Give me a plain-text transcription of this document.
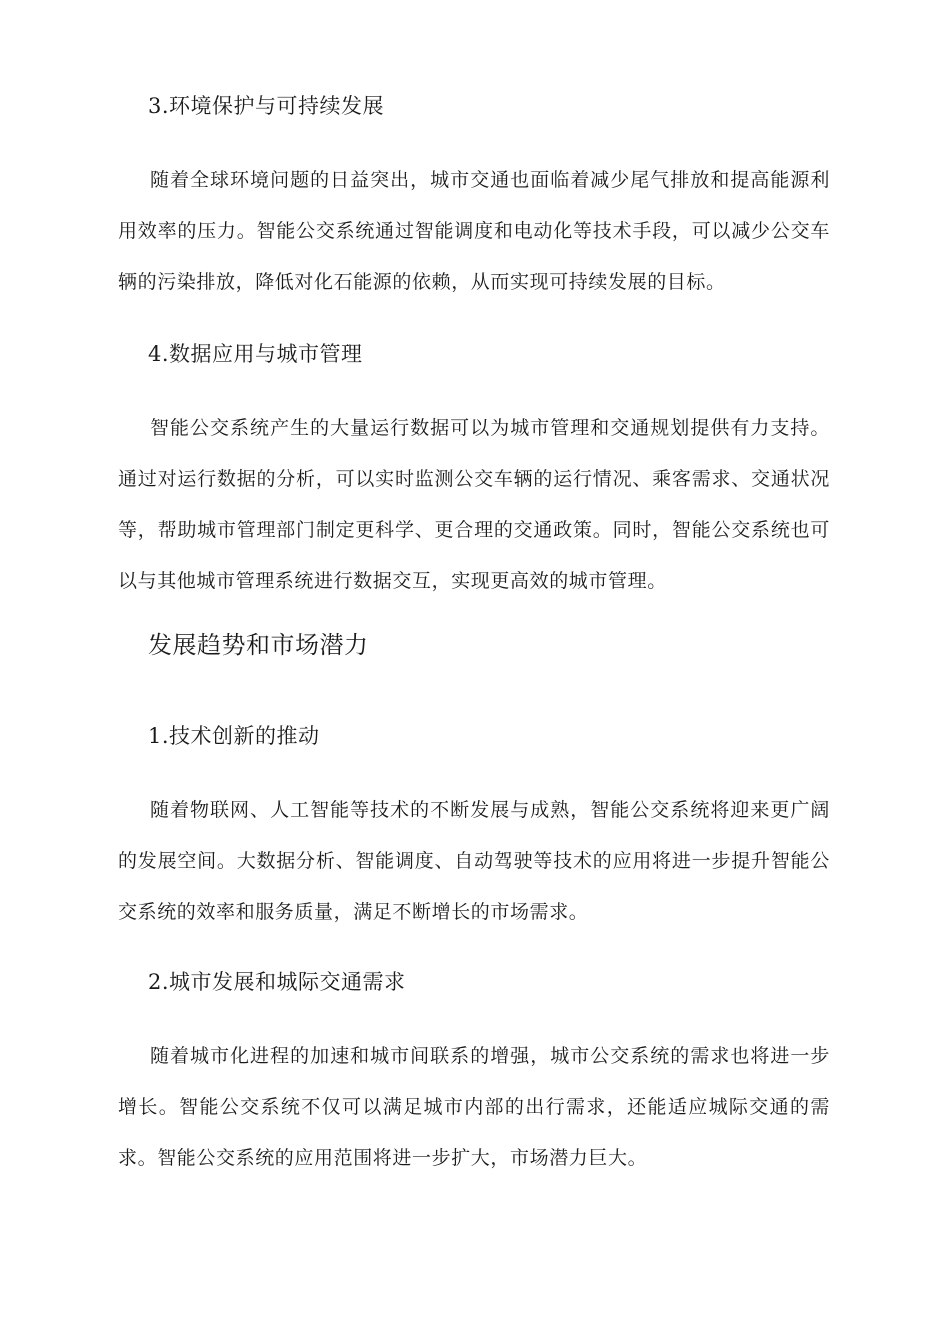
3.环境保护与可持续发展
随着全球环境问题的日益突出，城市交通也面临着减少尾气排放和提高能源利用效率的压力。智能公交系统通过智能调度和电动化等技术手段，可以减少公交车辆的污染排放，降低对化石能源的依赖，从而实现可持续发展的目标。
4.数据应用与城市管理
智能公交系统产生的大量运行数据可以为城市管理和交通规划提供有力支持。通过对运行数据的分析，可以实时监测公交车辆的运行情况、乘客需求、交通状况等，帮助城市管理部门制定更科学、更合理的交通政策。同时，智能公交系统也可以与其他城市管理系统进行数据交互，实现更高效的城市管理。
发展趋势和市场潜力
1.技术创新的推动
随着物联网、人工智能等技术的不断发展与成熟，智能公交系统将迎来更广阔的发展空间。大数据分析、智能调度、自动驾驶等技术的应用将进一步提升智能公交系统的效率和服务质量，满足不断增长的市场需求。
2.城市发展和城际交通需求
随着城市化进程的加速和城市间联系的增强，城市公交系统的需求也将进一步增长。智能公交系统不仅可以满足城市内部的出行需求，还能适应城际交通的需求。智能公交系统的应用范围将进一步扩大，市场潜力巨大。
